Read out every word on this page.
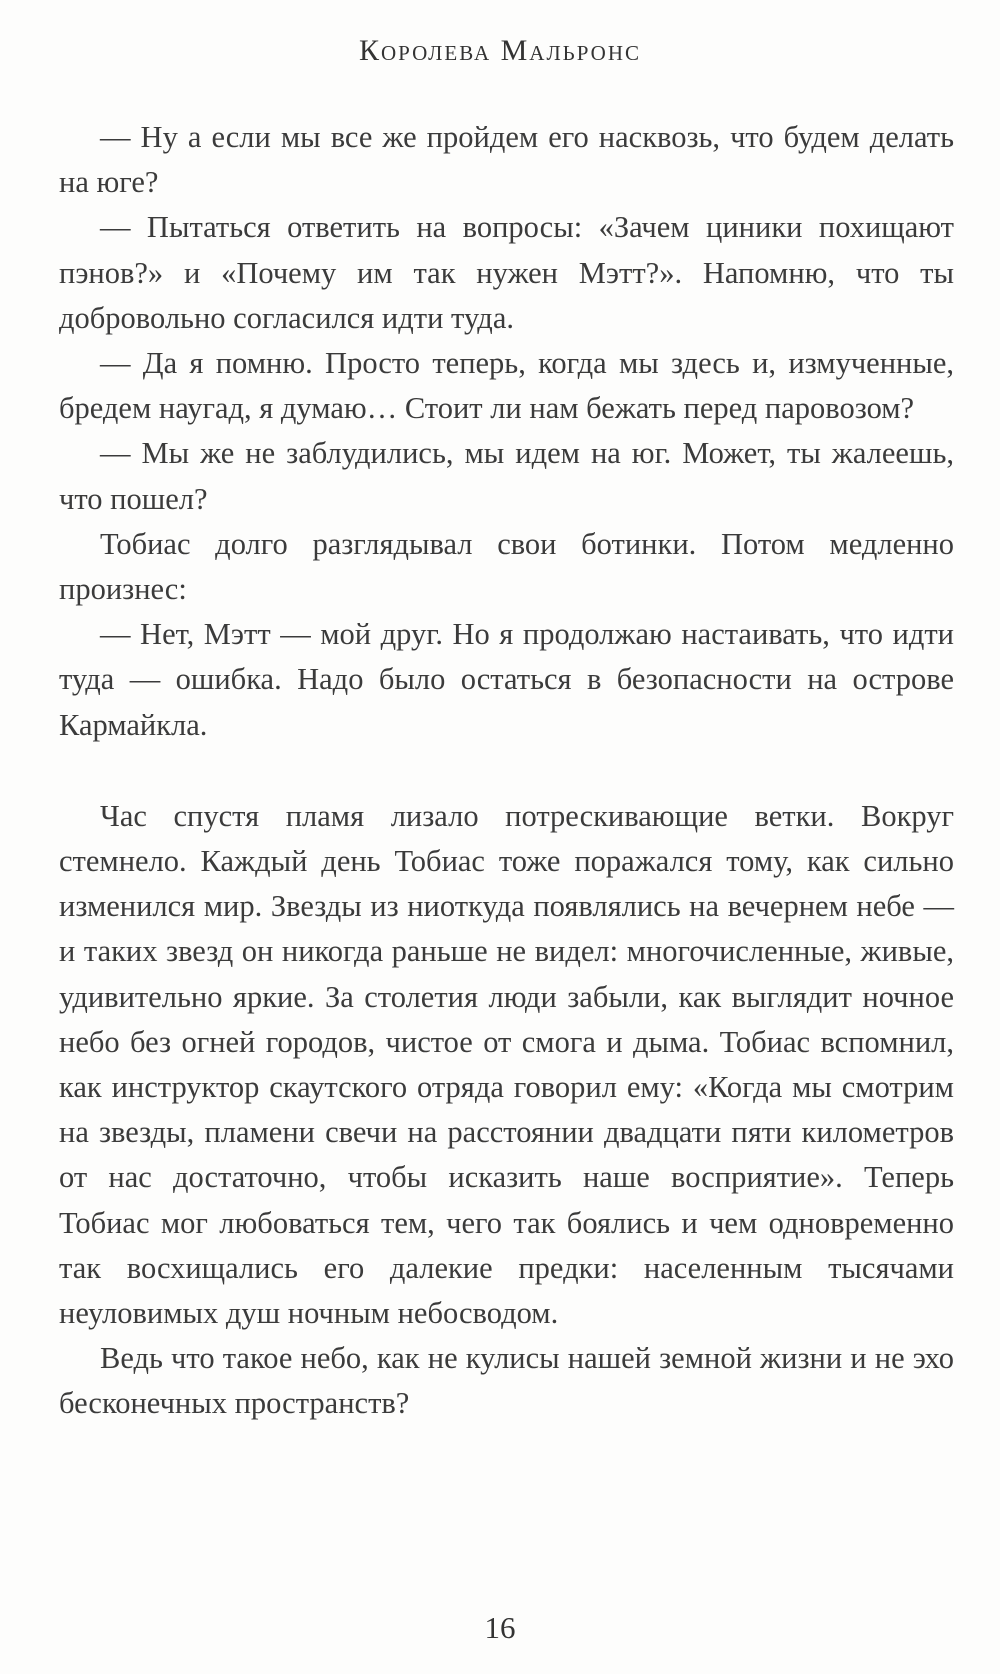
Королева Мальронс

— Ну а если мы все же пройдем его насквозь, что будем делать на юге?

— Пытаться ответить на вопросы: «Зачем циники похищают пэнов?» и «Почему им так нужен Мэтт?». Напомню, что ты добровольно согласился идти туда.

— Да я помню. Просто теперь, когда мы здесь и, измученные, бредем наугад, я думаю… Стоит ли нам бежать перед паровозом?

— Мы же не заблудились, мы идем на юг. Может, ты жалеешь, что пошел?

Тобиас долго разглядывал свои ботинки. Потом медленно произнес:

— Нет, Мэтт — мой друг. Но я продолжаю настаивать, что идти туда — ошибка. Надо было остаться в безопасности на острове Кармайкла.

Час спустя пламя лизало потрескивающие ветки. Вокруг стемнело. Каждый день Тобиас тоже поражался тому, как сильно изменился мир. Звезды из ниоткуда появлялись на вечернем небе — и таких звезд он никогда раньше не видел: многочисленные, живые, удивительно яркие. За столетия люди забыли, как выглядит ночное небо без огней городов, чистое от смога и дыма. Тобиас вспомнил, как инструктор скаутского отряда говорил ему: «Когда мы смотрим на звезды, пламени свечи на расстоянии двадцати пяти километров от нас достаточно, чтобы исказить наше восприятие». Теперь Тобиас мог любоваться тем, чего так боялись и чем одновременно так восхищались его далекие предки: населенным тысячами неуловимых душ ночным небосводом.

Ведь что такое небо, как не кулисы нашей земной жизни и не эхо бесконечных пространств?

16
